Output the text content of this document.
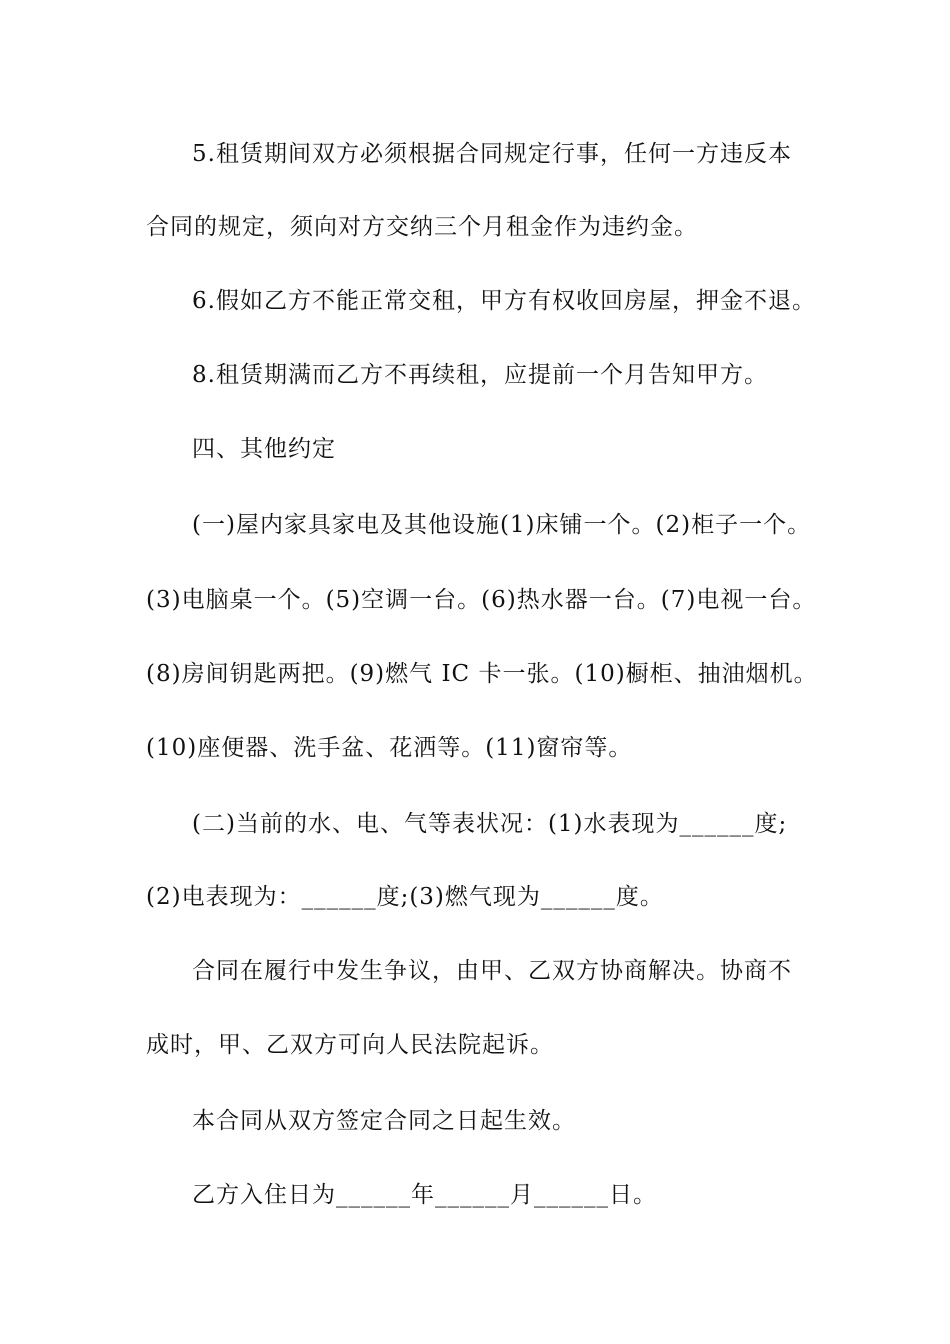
5.租赁期间双方必须根据合同规定行事，任何一方违反本
合同的规定，须向对方交纳三个月租金作为违约金。
6.假如乙方不能正常交租，甲方有权收回房屋，押金不退。
8.租赁期满而乙方不再续租，应提前一个月告知甲方。
四、其他约定
(一)屋内家具家电及其他设施(1)床铺一个。(2)柜子一个。
(3)电脑桌一个。(5)空调一台。(6)热水器一台。(7)电视一台。
(8)房间钥匙两把。(9)燃气 IC 卡一张。(10)橱柜、抽油烟机。
(10)座便器、洗手盆、花洒等。(11)窗帘等。
(二)当前的水、电、气等表状况：(1)水表现为______度;
(2)电表现为：______度;(3)燃气现为______度。
合同在履行中发生争议，由甲、乙双方协商解决。协商不
成时，甲、乙双方可向人民法院起诉。
本合同从双方签定合同之日起生效。
乙方入住日为______年______月______日。
